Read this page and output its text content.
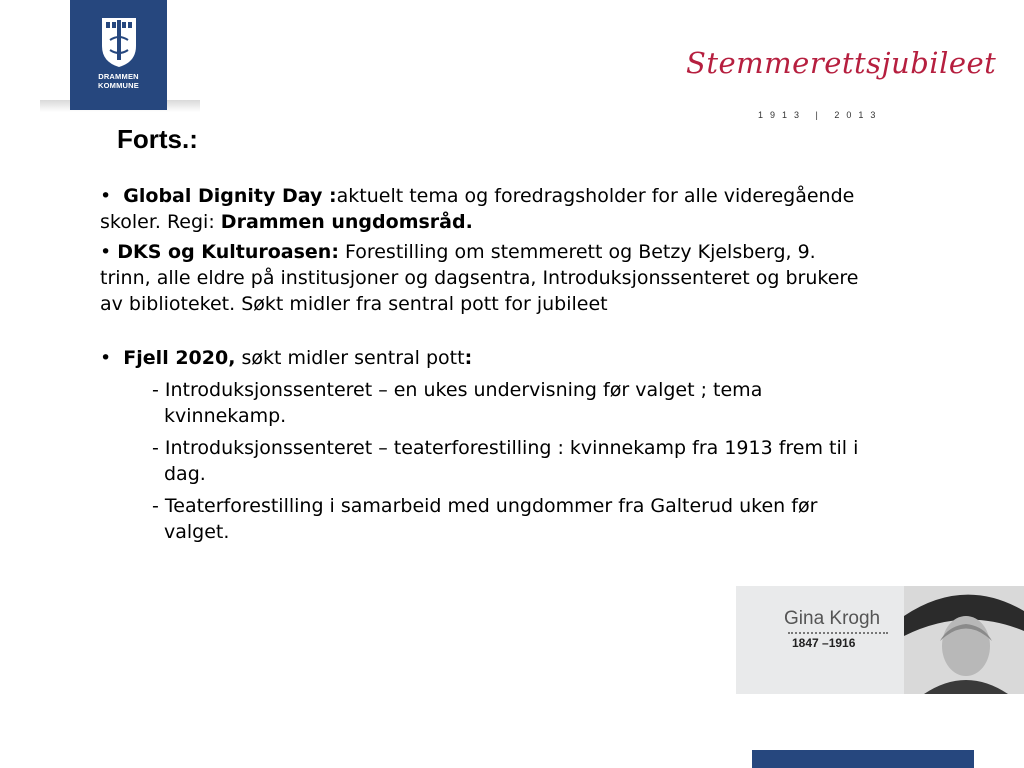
DRAMMEN
KOMMUNE
Stemmerettsjubileet
1913 | 2013
Forts.:

•  Global Dignity Day :aktuelt tema og foredragsholder for alle videregående skoler. Regi: Drammen ungdomsråd.

• DKS og Kulturoasen: Forestilling om stemmerett og Betzy Kjelsberg, 9. trinn, alle eldre på institusjoner og dagsentra, Introduksjonssenteret og brukere av biblioteket. Søkt midler fra sentral pott for jubileet

•  Fjell 2020, søkt midler sentral pott:

- Introduksjonssenteret – en ukes undervisning før valget ; tema kvinnekamp.

- Introduksjonssenteret – teaterforestilling : kvinnekamp fra 1913 frem til i dag.

- Teaterforestilling i samarbeid med ungdommer fra Galterud uken før valget.

Gina Krogh
1847 –1916
